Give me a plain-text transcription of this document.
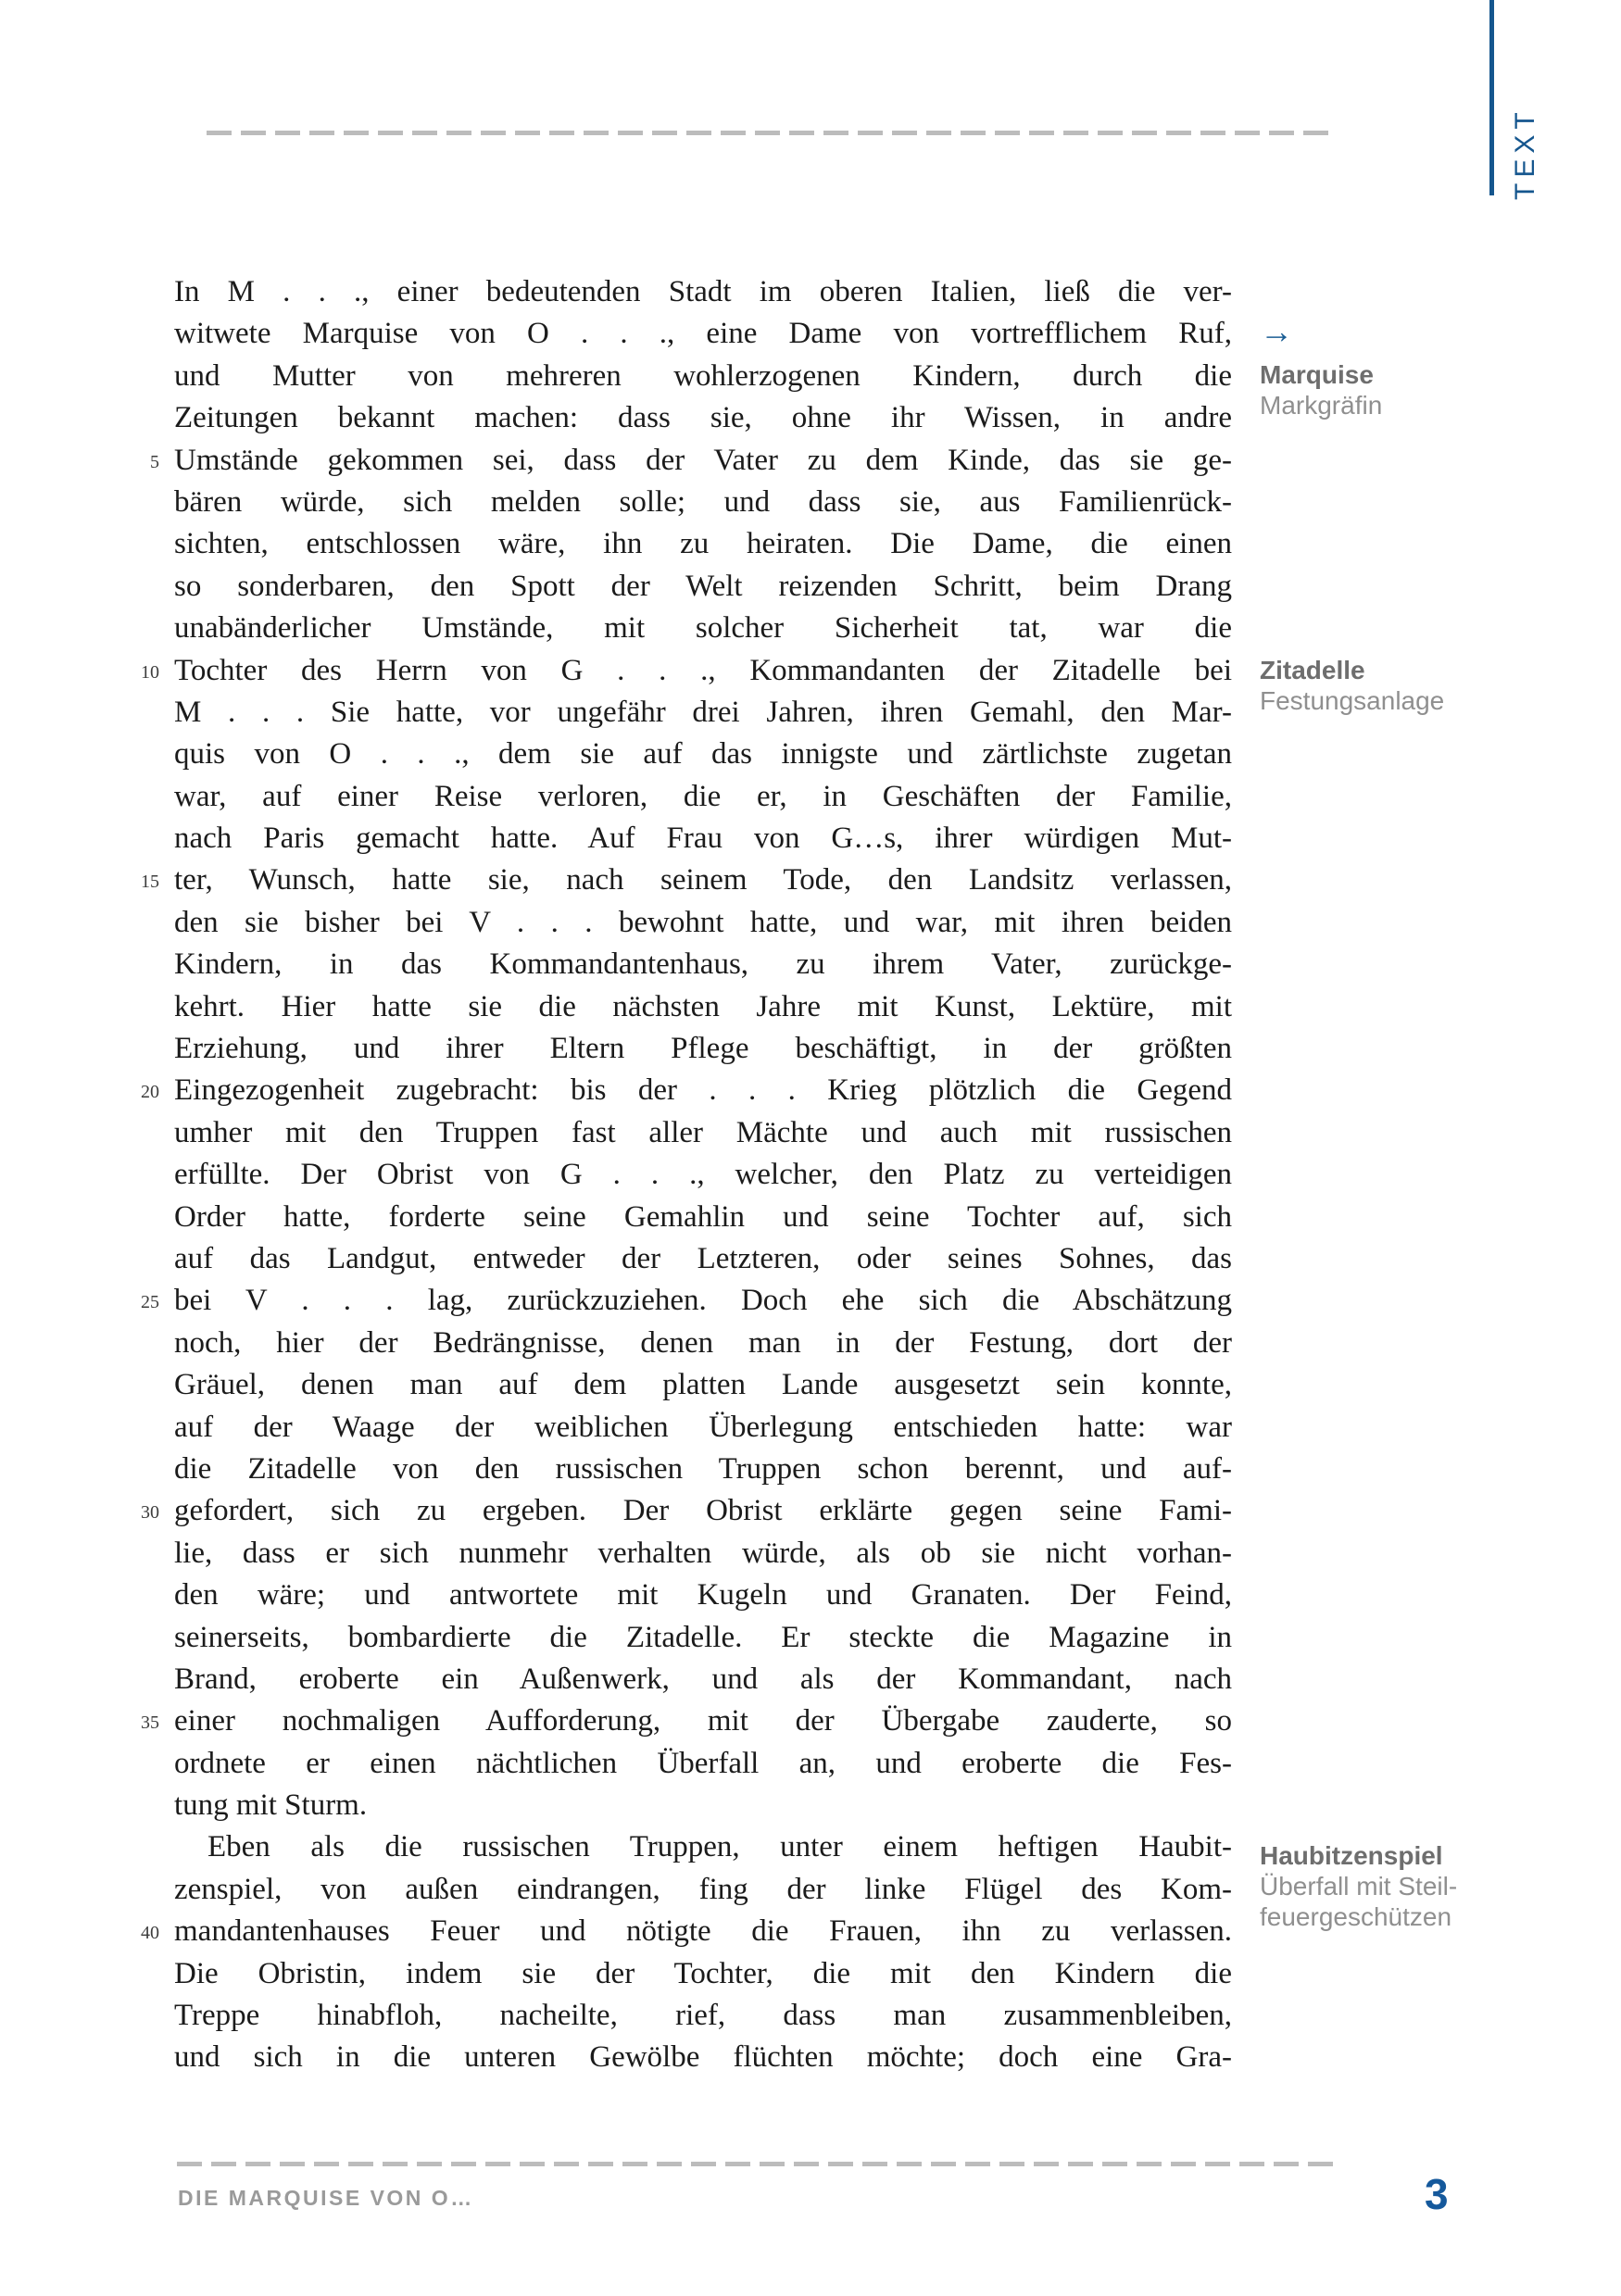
TEXT
In M . . ., einer bedeutenden Stadt im oberen Italien, ließ die ver-
witwete Marquise von O . . ., eine Dame von vortrefflichem Ruf,
und Mutter von mehreren wohlerzogenen Kindern, durch die
Zeitungen bekannt machen: dass sie, ohne ihr Wissen, in andre
5 Umstände gekommen sei, dass der Vater zu dem Kinde, das sie ge-
bären würde, sich melden solle; und dass sie, aus Familienrück-
sichten, entschlossen wäre, ihn zu heiraten. Die Dame, die einen
so sonderbaren, den Spott der Welt reizenden Schritt, beim Drang
unabänderlicher Umstände, mit solcher Sicherheit tat, war die
10 Tochter des Herrn von G . . ., Kommandanten der Zitadelle bei
M . . . Sie hatte, vor ungefähr drei Jahren, ihren Gemahl, den Mar-
quis von O . . ., dem sie auf das innigste und zärtlichste zugetan
war, auf einer Reise verloren, die er, in Geschäften der Familie,
nach Paris gemacht hatte. Auf Frau von G…s, ihrer würdigen Mut-
15 ter, Wunsch, hatte sie, nach seinem Tode, den Landsitz verlassen,
den sie bisher bei V . . . bewohnt hatte, und war, mit ihren beiden
Kindern, in das Kommandantenhaus, zu ihrem Vater, zurückge-
kehrt. Hier hatte sie die nächsten Jahre mit Kunst, Lektüre, mit
Erziehung, und ihrer Eltern Pflege beschäftigt, in der größten
20 Eingezogenheit zugebracht: bis der . . . Krieg plötzlich die Gegend
umher mit den Truppen fast aller Mächte und auch mit russischen
erfüllte. Der Obrist von G . . ., welcher, den Platz zu verteidigen
Order hatte, forderte seine Gemahlin und seine Tochter auf, sich
auf das Landgut, entweder der Letzteren, oder seines Sohnes, das
25 bei V . . . lag, zurückzuziehen. Doch ehe sich die Abschätzung
noch, hier der Bedrängnisse, denen man in der Festung, dort der
Gräuel, denen man auf dem platten Lande ausgesetzt sein konnte,
auf der Waage der weiblichen Überlegung entschieden hatte: war
die Zitadelle von den russischen Truppen schon berennt, und auf-
30 gefordert, sich zu ergeben. Der Obrist erklärte gegen seine Fami-
lie, dass er sich nunmehr verhalten würde, als ob sie nicht vorhan-
den wäre; und antwortete mit Kugeln und Granaten. Der Feind,
seinerseits, bombardierte die Zitadelle. Er steckte die Magazine in
Brand, eroberte ein Außenwerk, und als der Kommandant, nach
35 einer nochmaligen Aufforderung, mit der Übergabe zauderte, so
ordnete er einen nächtlichen Überfall an, und eroberte die Fes-
tung mit Sturm.
Eben als die russischen Truppen, unter einem heftigen Haubit-
zenspiel, von außen eindrangen, fing der linke Flügel des Kom-
40 mandantenhauses Feuer und nötigte die Frauen, ihn zu verlassen.
Die Obristin, indem sie der Tochter, die mit den Kindern die
Treppe hinabfloh, nacheilte, rief, dass man zusammenbleiben,
und sich in die unteren Gewölbe flüchten möchte; doch eine Gra-
→
Marquise
Markgräfin
Zitadelle
Festungsanlage
Haubitzenspiel
Überfall mit Steil-
feuergeschützen
DIE MARQUISE VON O…	3
